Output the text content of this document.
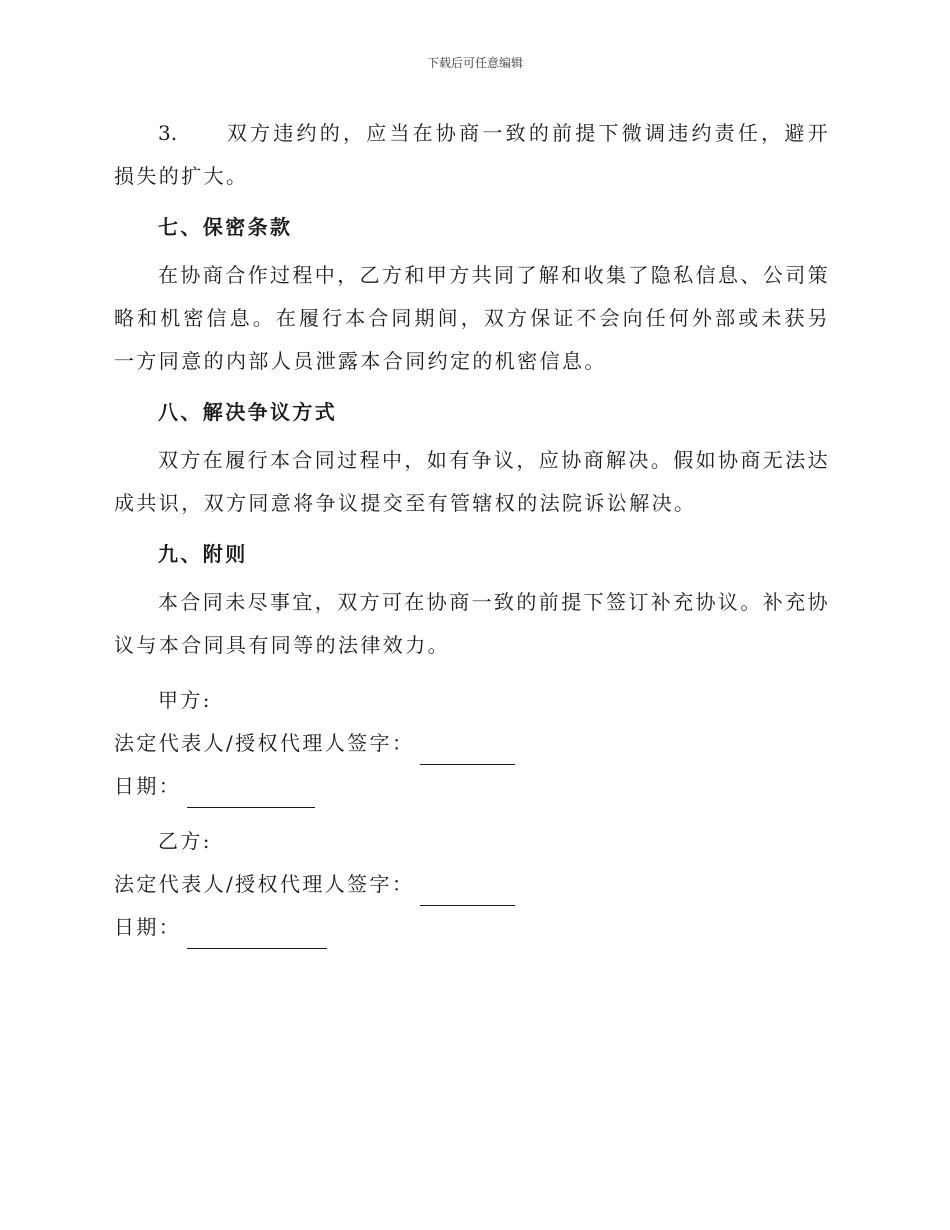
下载后可任意编辑

3. 双方违约的，应当在协商一致的前提下微调违约责任，避开损失的扩大。

七、保密条款

在协商合作过程中，乙方和甲方共同了解和收集了隐私信息、公司策略和机密信息。在履行本合同期间，双方保证不会向任何外部或未获另一方同意的内部人员泄露本合同约定的机密信息。

八、解决争议方式

双方在履行本合同过程中，如有争议，应协商解决。假如协商无法达成共识，双方同意将争议提交至有管辖权的法院诉讼解决。

九、附则

本合同未尽事宜，双方可在协商一致的前提下签订补充协议。补充协议与本合同具有同等的法律效力。

甲方:

法定代表人/授权代理人签字：

日期：

乙方:

法定代表人/授权代理人签字：

日期：
